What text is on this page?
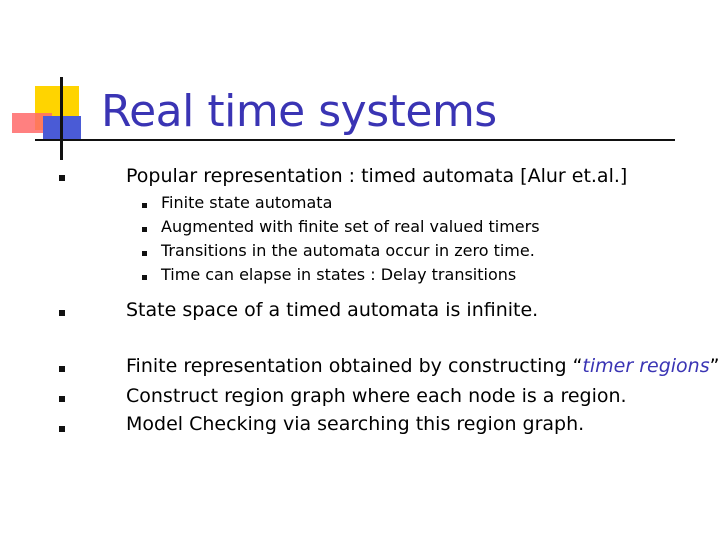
Real time systems
Popular representation : timed automata [Alur et.al.]
Finite state automata
Augmented with finite set of real valued timers
Transitions in the automata occur in zero time.
Time can elapse in states : Delay transitions
State space of a timed automata is infinite.
Finite representation obtained by constructing “timer regions”
Construct region graph where each node is a region.
Model Checking via searching this region graph.
